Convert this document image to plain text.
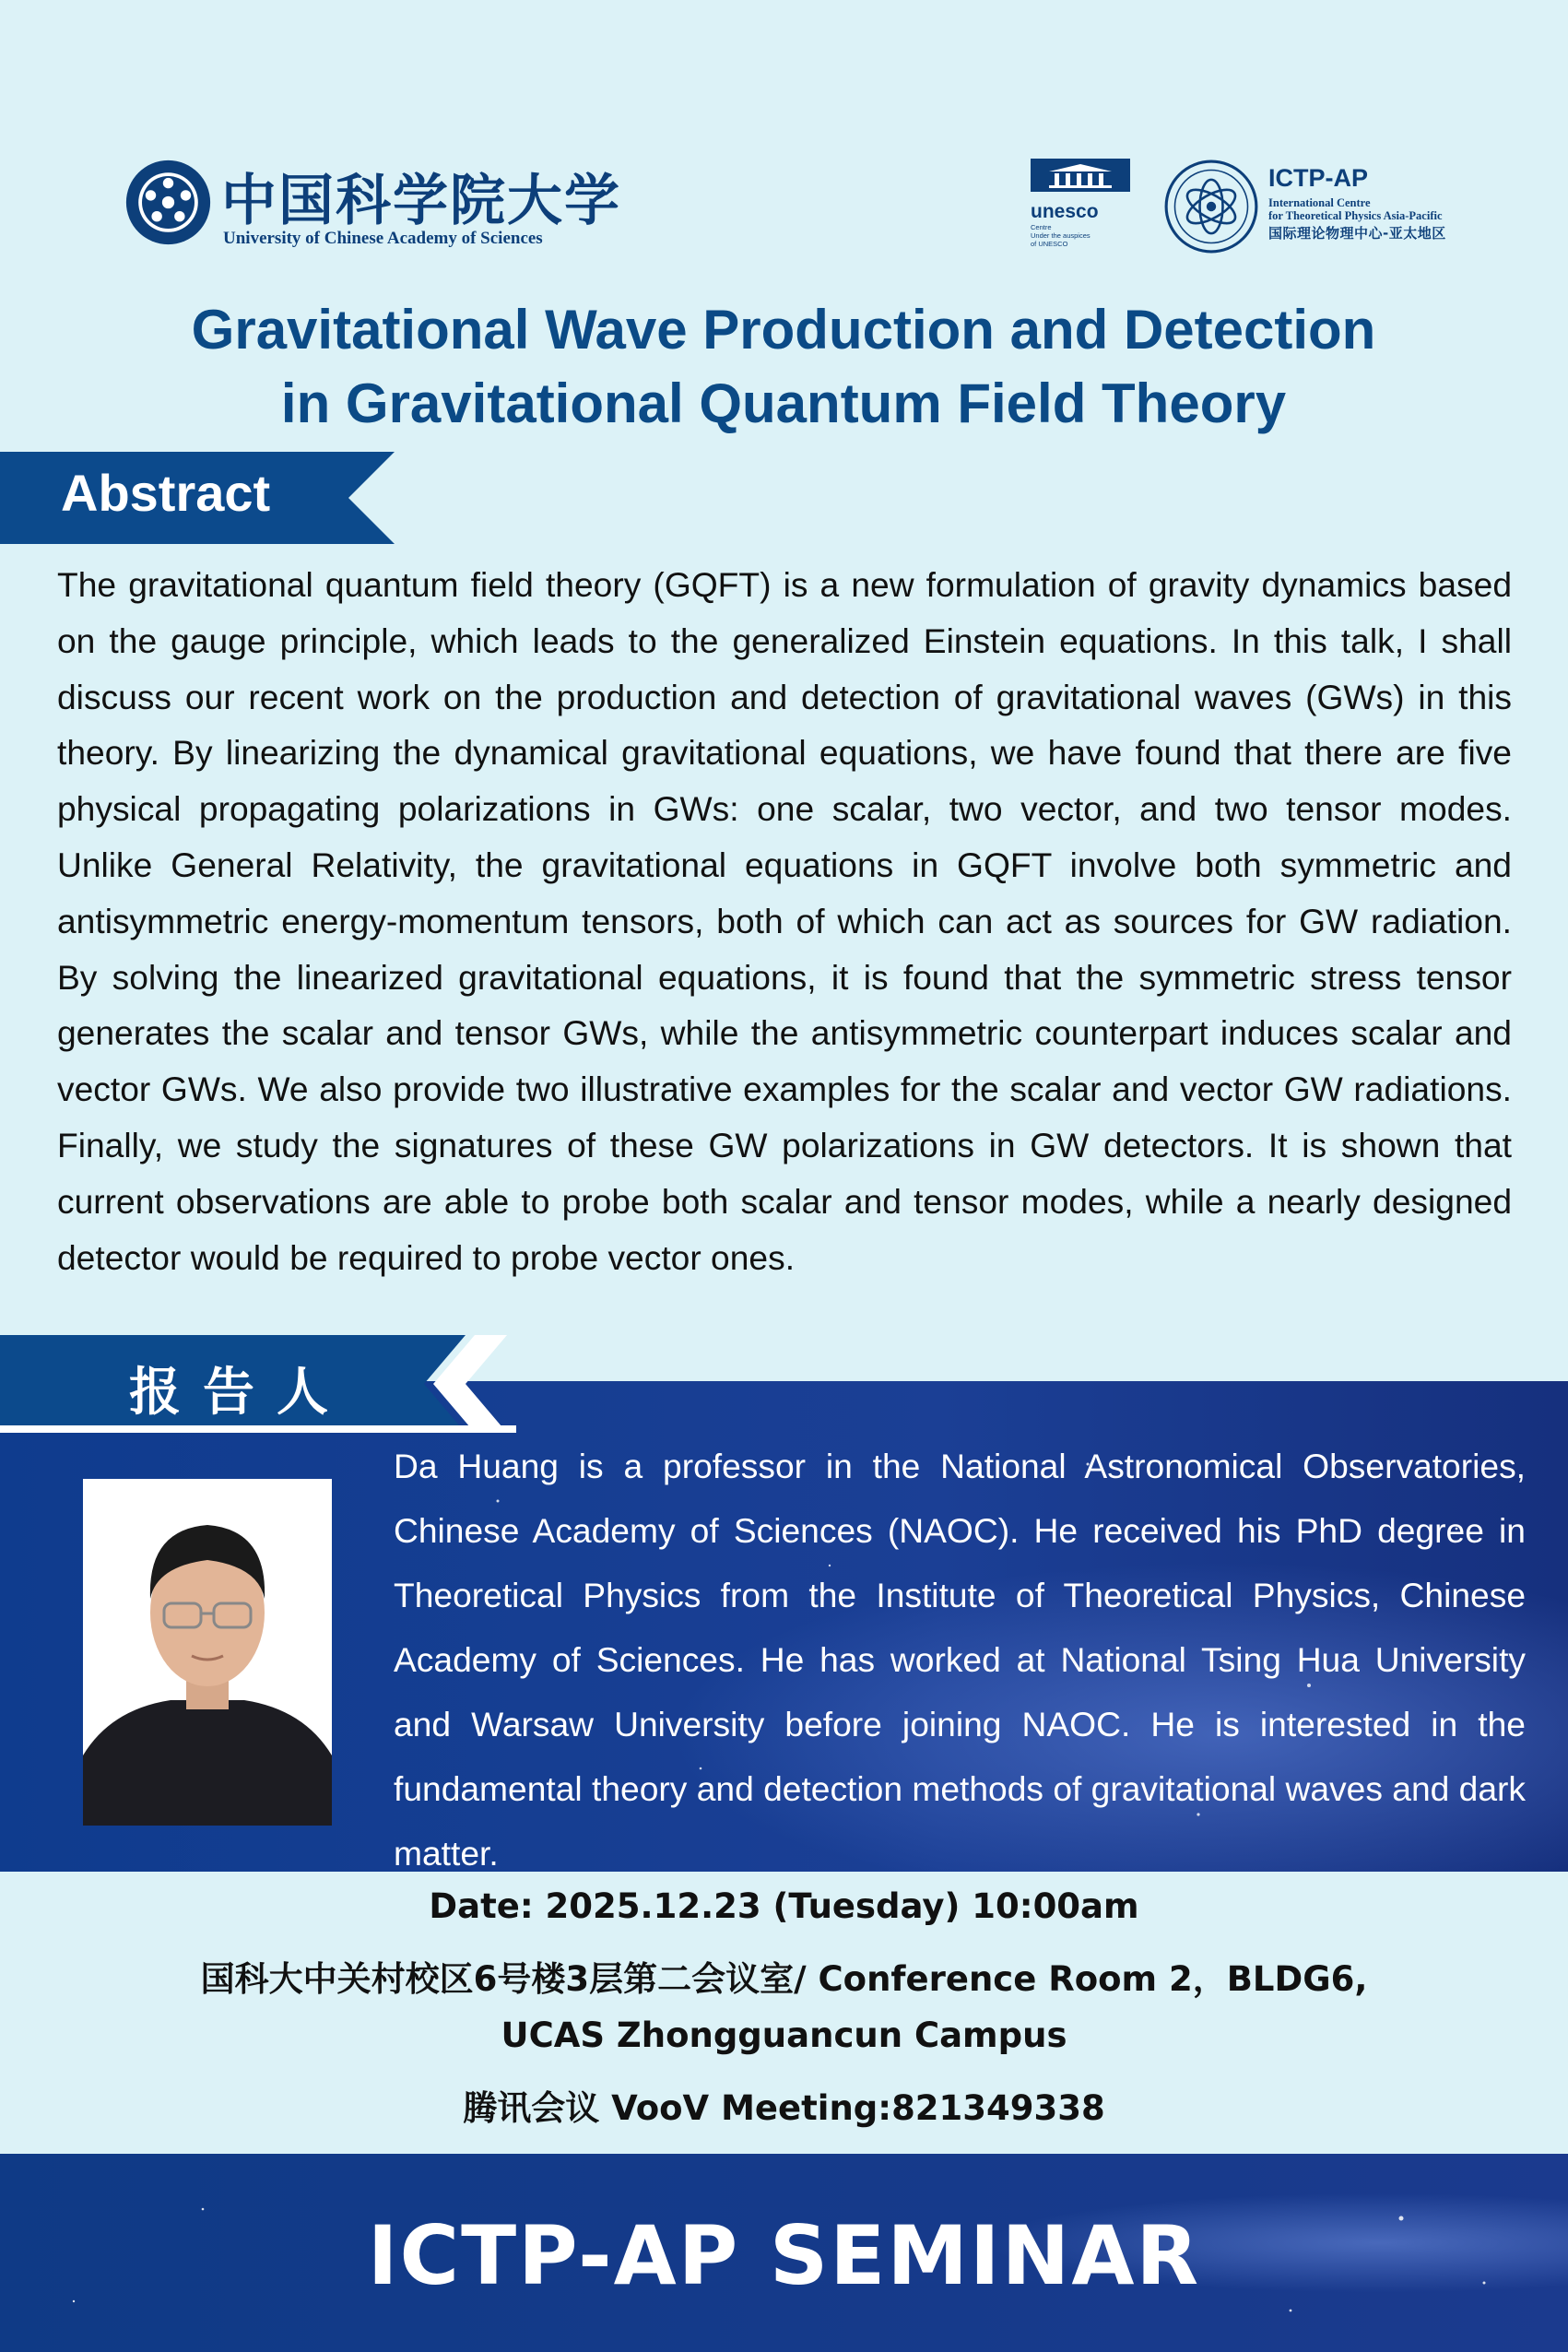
中国科学院大学
University of Chinese Academy of Sciences
unesco
Centre
Under the auspices
of UNESCO
ICTP-AP
International Centre
for Theoretical Physics Asia-Pacific
国际理论物理中心-亚太地区
Gravitational Wave Production and Detection
in Gravitational Quantum Field Theory
Abstract
The gravitational quantum field theory (GQFT) is a new formulation of gravity dynamics based on the gauge principle, which leads to the generalized Einstein equations. In this talk, I shall discuss our recent work on the production and detection of gravitational waves (GWs) in this theory. By linearizing the dynamical gravitational equations, we have found that there are five physical propagating polarizations in GWs: one scalar, two vector, and two tensor modes. Unlike General Relativity, the gravitational equations in GQFT involve both symmetric and antisymmetric energy-momentum tensors, both of which can act as sources for GW radiation. By solving the linearized gravitational equations, it is found that the symmetric stress tensor generates the scalar and tensor GWs, while the antisymmetric counterpart induces scalar and vector GWs. We also provide two illustrative examples for the scalar and vector GW radiations. Finally, we study the signatures of these GW polarizations in GW detectors. It is shown that current observations are able to probe both scalar and tensor modes, while a nearly designed detector would be required to probe vector ones.
报告人
Da Huang is a professor in the National Astronomical Observatories, Chinese Academy of Sciences (NAOC). He received his PhD degree in Theoretical Physics from the Institute of Theoretical Physics, Chinese Academy of Sciences. He has worked at National Tsing Hua University and Warsaw University before joining NAOC. He is interested in the fundamental theory and detection methods of gravitational waves and dark matter.
Date: 2025.12.23 (Tuesday) 10:00am
国科大中关村校区6号楼3层第二会议室/ Conference Room 2，BLDG6,
UCAS Zhongguancun Campus
腾讯会议 VooV Meeting:821349338
ICTP-AP SEMINAR
